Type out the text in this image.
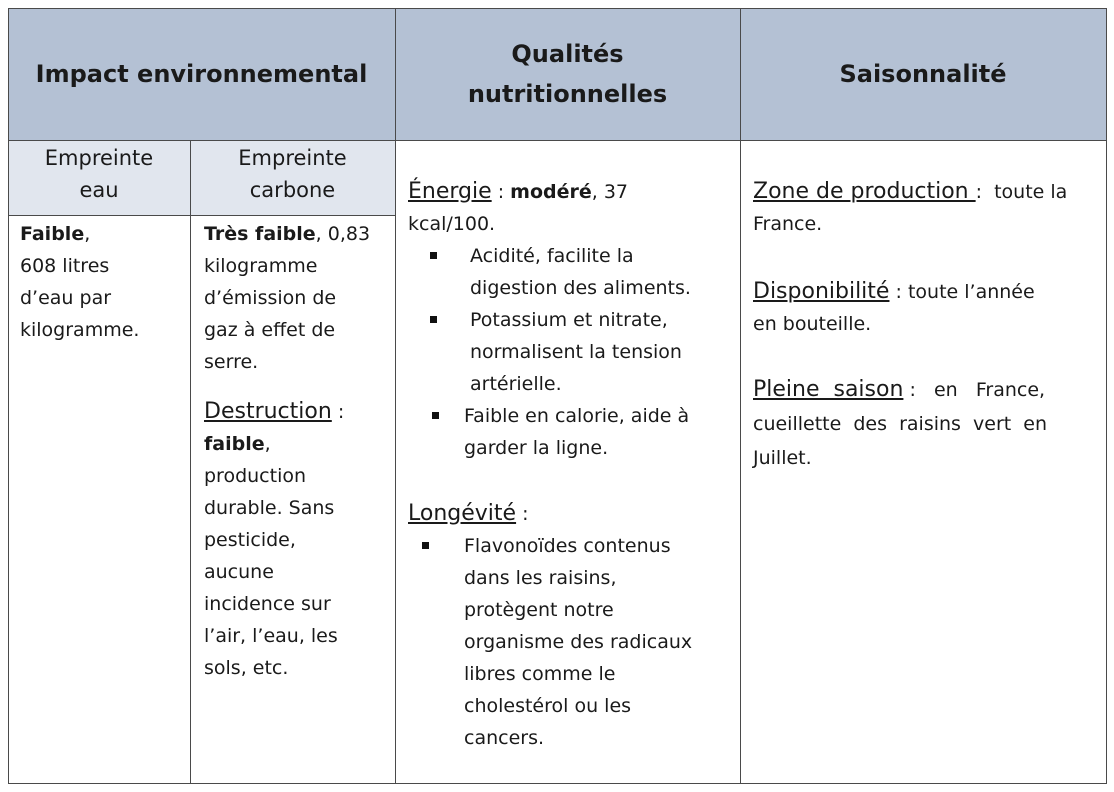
Impact environnemental
Qualités
nutritionnelles
Saisonnalité
Empreinte
eau
Empreinte
carbone
Faible,
608 litres
d’eau par
kilogramme.
Très faible, 0,83
kilogramme
d’émission de
gaz à effet de
serre.
Destruction :
faible,
production
durable. Sans
pesticide,
aucune
incidence sur
l’air, l’eau, les
sols, etc.
Énergie : modéré, 37
kcal/100.
Acidité, facilite la
digestion des aliments.
Potassium et nitrate,
normalisent la tension
artérielle.
Faible en calorie, aide à
garder la ligne.
Longévité :
Flavonoïdes contenus
dans les raisins,
protègent notre
organisme des radicaux
libres comme le
cholestérol ou les
cancers.
Zone de production :  toute la
France.
Disponibilité : toute l’année
en bouteille.
Pleine  saison :   en   France,
cueillette  des  raisins  vert  en
Juillet.
